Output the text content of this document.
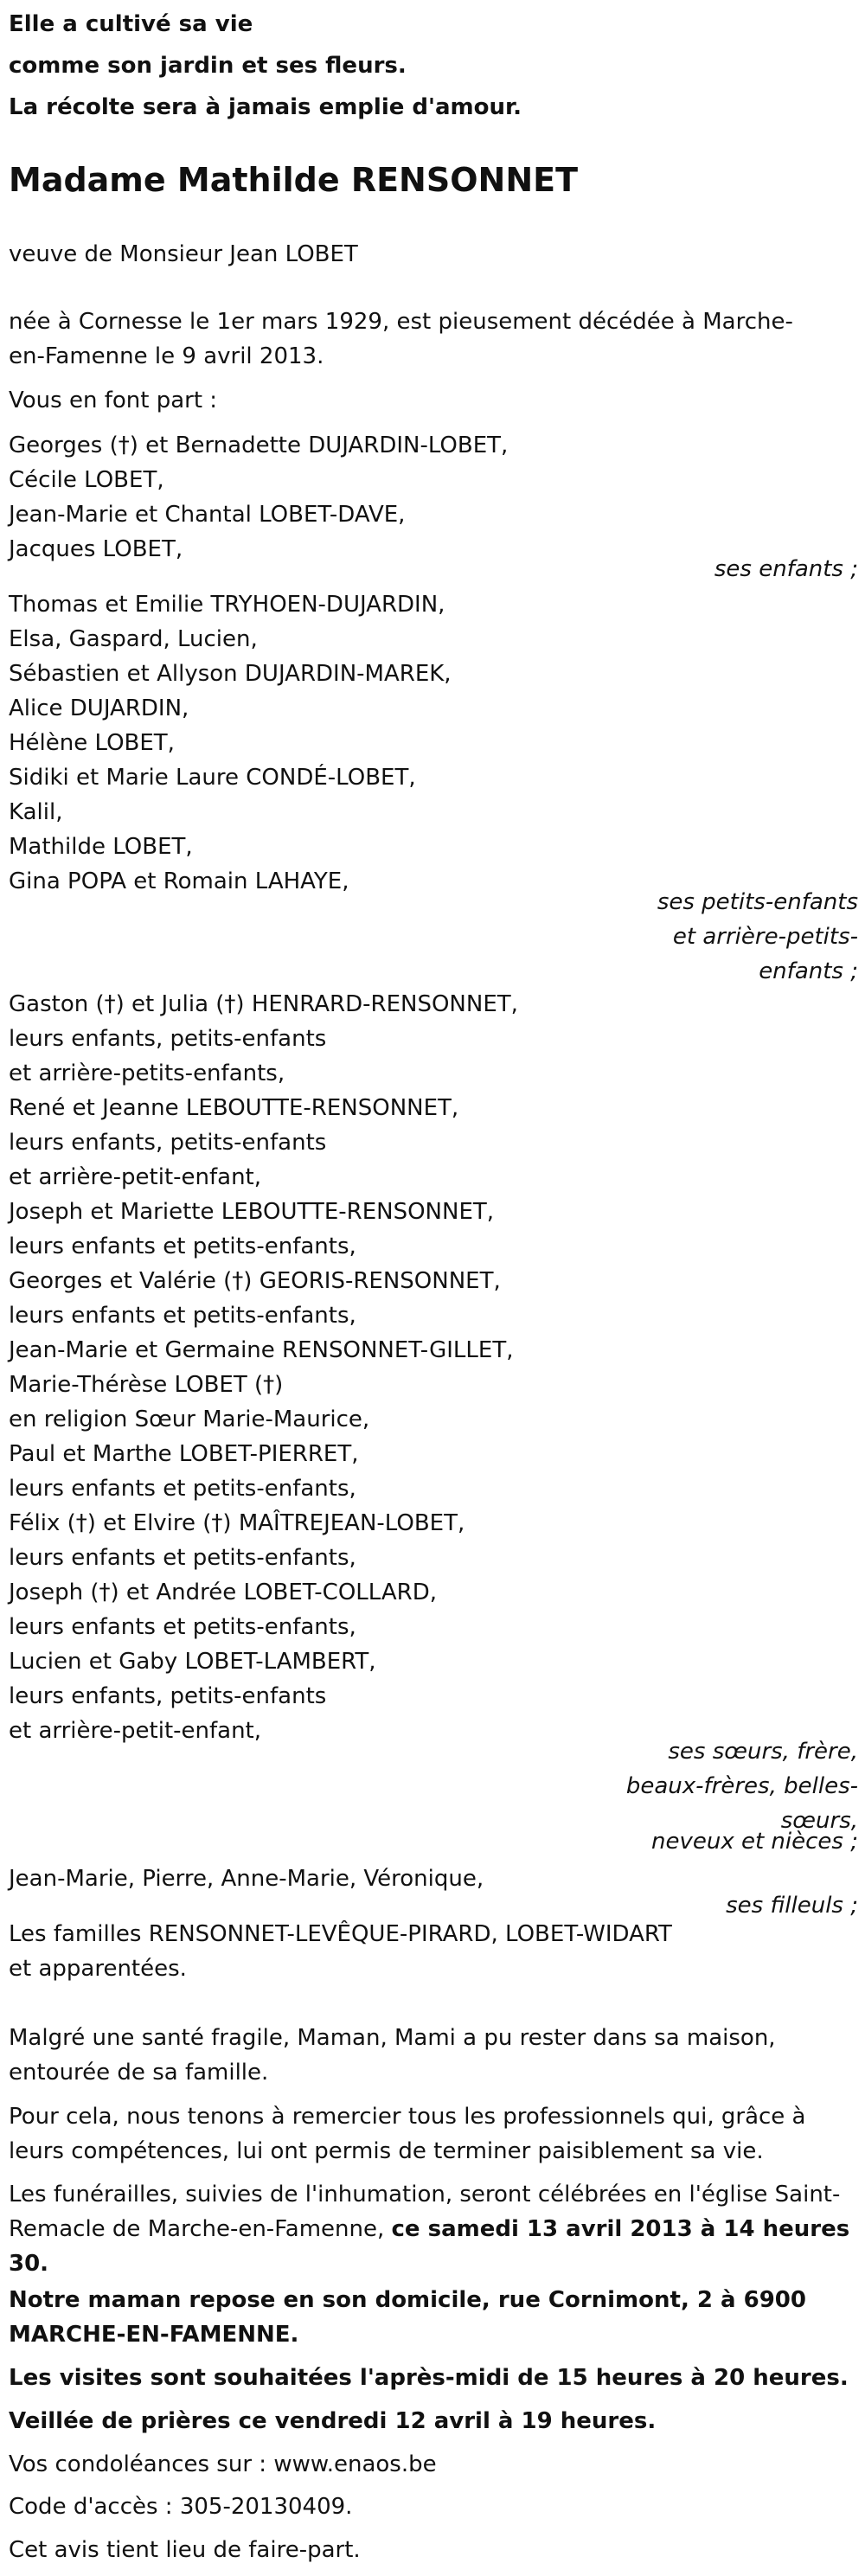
Elle a cultivé sa vie
comme son jardin et ses fleurs.
La récolte sera à jamais emplie d'amour.
Madame Mathilde RENSONNET
veuve de Monsieur Jean LOBET
née à Cornesse le 1er mars 1929, est pieusement décédée à Marche-
en-Famenne le 9 avril 2013.
Vous en font part :
Georges (†) et Bernadette DUJARDIN-LOBET,
Cécile LOBET,
Jean-Marie et Chantal LOBET-DAVE,
Jacques LOBET,
ses enfants ;
Thomas et Emilie TRYHOEN-DUJARDIN,
Elsa, Gaspard, Lucien,
Sébastien et Allyson DUJARDIN-MAREK,
Alice DUJARDIN,
Hélène LOBET,
Sidiki et Marie Laure CONDÉ-LOBET,
Kalil,
Mathilde LOBET,
Gina POPA et Romain LAHAYE,
ses petits-enfants
et arrière-petits-
enfants ;
Gaston (†) et Julia (†) HENRARD-RENSONNET,
leurs enfants, petits-enfants
et arrière-petits-enfants,
René et Jeanne LEBOUTTE-RENSONNET,
leurs enfants, petits-enfants
et arrière-petit-enfant,
Joseph et Mariette LEBOUTTE-RENSONNET,
leurs enfants et petits-enfants,
Georges et Valérie (†) GEORIS-RENSONNET,
leurs enfants et petits-enfants,
Jean-Marie et Germaine RENSONNET-GILLET,
Marie-Thérèse LOBET (†)
en religion Sœur Marie-Maurice,
Paul et Marthe LOBET-PIERRET,
leurs enfants et petits-enfants,
Félix (†) et Elvire (†) MAÎTREJEAN-LOBET,
leurs enfants et petits-enfants,
Joseph (†) et Andrée LOBET-COLLARD,
leurs enfants et petits-enfants,
Lucien et Gaby LOBET-LAMBERT,
leurs enfants, petits-enfants
et arrière-petit-enfant,
ses sœurs, frère,
beaux-frères, belles-
sœurs,
neveux et nièces ;
Jean-Marie, Pierre, Anne-Marie, Véronique,
ses filleuls ;
Les familles RENSONNET-LEVÊQUE-PIRARD, LOBET-WIDART
et apparentées.
Malgré une santé fragile, Maman, Mami a pu rester dans sa maison,
entourée de sa famille.
Pour cela, nous tenons à remercier tous les professionnels qui, grâce à
leurs compétences, lui ont permis de terminer paisiblement sa vie.
Les funérailles, suivies de l'inhumation, seront célébrées en l'église Saint-
Remacle de Marche-en-Famenne, ce samedi 13 avril 2013 à 14 heures
30.
Notre maman repose en son domicile, rue Cornimont, 2 à 6900
MARCHE-EN-FAMENNE.
Les visites sont souhaitées l'après-midi de 15 heures à 20 heures.
Veillée de prières ce vendredi 12 avril à 19 heures.
Vos condoléances sur : www.enaos.be
Code d'accès : 305-20130409.
Cet avis tient lieu de faire-part.
